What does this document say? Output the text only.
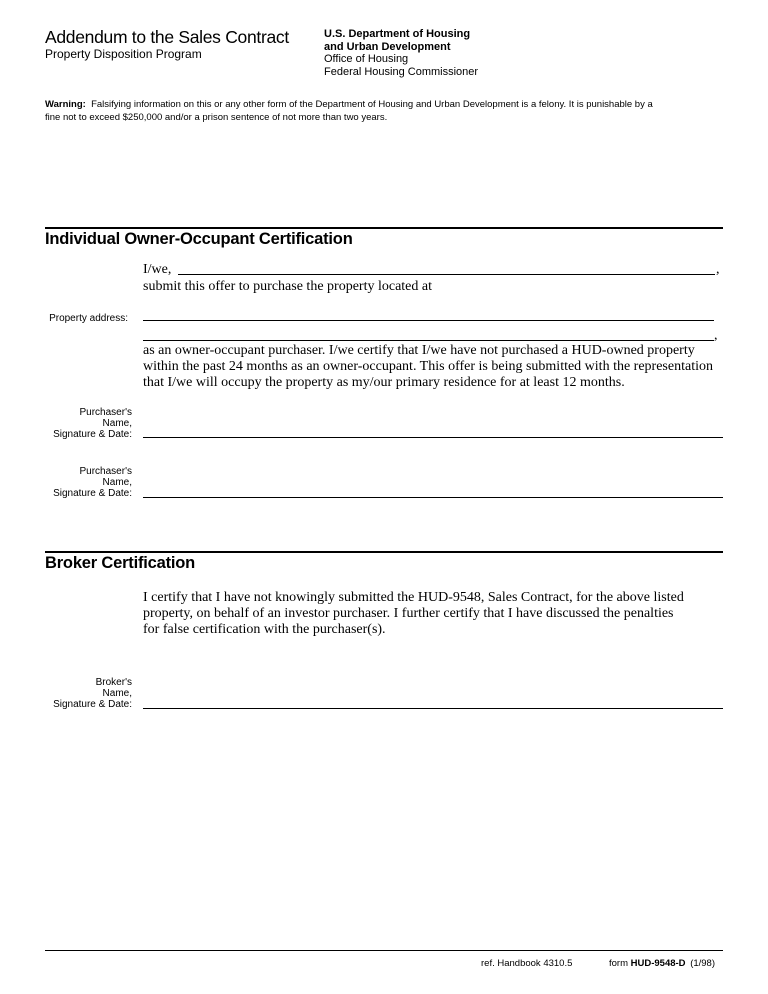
Addendum to the Sales Contract
Property Disposition Program
U.S. Department of Housing
and Urban Development
Office of Housing
Federal Housing Commissioner
Warning: Falsifying information on this or any other form of the Department of Housing and Urban Development is a felony. It is punishable by a
fine not to exceed $250,000 and/or a prison sentence of not more than two years.
Individual Owner-Occupant Certification
I/we,	,
submit this offer to purchase the property located at
Property address:
,
as an owner-occupant purchaser. I/we certify that I/we have not purchased a HUD-owned property
within the past 24 months as an owner-occupant. This offer is being submitted with the representation
that I/we will occupy the property as my/our primary residence for at least 12 months.
Purchaser's
Name,
Signature & Date:
Purchaser's
Name,
Signature & Date:
Broker Certification
I certify that I have not knowingly submitted the HUD-9548, Sales Contract, for the above listed
property, on behalf of an investor purchaser. I further certify that I have discussed the penalties
for false certification with the purchaser(s).
Broker's
Name,
Signature & Date:
ref. Handbook 4310.5	form HUD-9548-D (1/98)
